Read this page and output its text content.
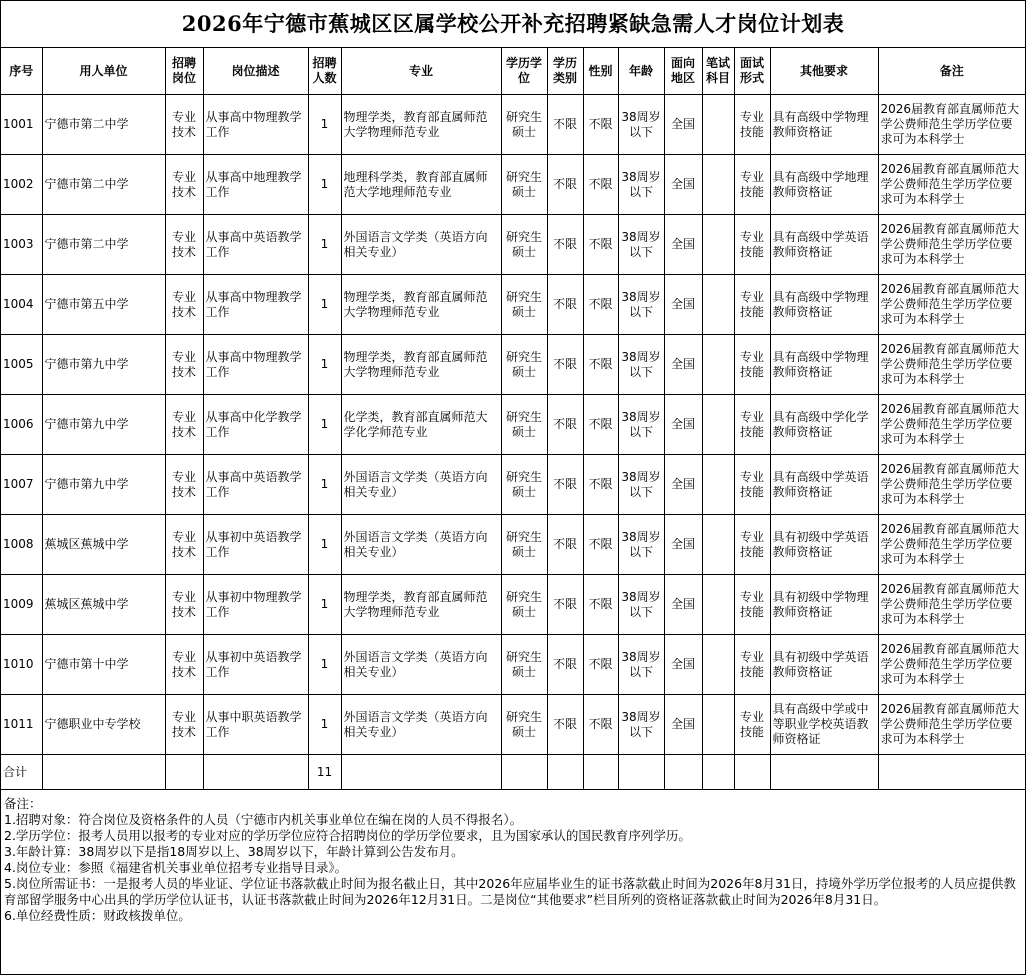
2026年宁德市蕉城区区属学校公开补充招聘紧缺急需人才岗位计划表
序号	用人单位	招聘岗位	岗位描述	招聘人数	专业	学历学位	学历类别	性别	年龄	面向地区	笔试科目	面试形式	其他要求	备注
1001	宁德市第二中学	专业技术	从事高中物理教学工作	1	物理学类，教育部直属师范大学物理师范专业	研究生硕士	不限	不限	38周岁以下	全国		专业技能	具有高级中学物理教师资格证	2026届教育部直属师范大学公费师范生学历学位要求可为本科学士
1002	宁德市第二中学	专业技术	从事高中地理教学工作	1	地理科学类，教育部直属师范大学地理师范专业	研究生硕士	不限	不限	38周岁以下	全国		专业技能	具有高级中学地理教师资格证	2026届教育部直属师范大学公费师范生学历学位要求可为本科学士
1003	宁德市第二中学	专业技术	从事高中英语教学工作	1	外国语言文学类（英语方向相关专业）	研究生硕士	不限	不限	38周岁以下	全国		专业技能	具有高级中学英语教师资格证	2026届教育部直属师范大学公费师范生学历学位要求可为本科学士
1004	宁德市第五中学	专业技术	从事高中物理教学工作	1	物理学类，教育部直属师范大学物理师范专业	研究生硕士	不限	不限	38周岁以下	全国		专业技能	具有高级中学物理教师资格证	2026届教育部直属师范大学公费师范生学历学位要求可为本科学士
1005	宁德市第九中学	专业技术	从事高中物理教学工作	1	物理学类，教育部直属师范大学物理师范专业	研究生硕士	不限	不限	38周岁以下	全国		专业技能	具有高级中学物理教师资格证	2026届教育部直属师范大学公费师范生学历学位要求可为本科学士
1006	宁德市第九中学	专业技术	从事高中化学教学工作	1	化学类，教育部直属师范大学化学师范专业	研究生硕士	不限	不限	38周岁以下	全国		专业技能	具有高级中学化学教师资格证	2026届教育部直属师范大学公费师范生学历学位要求可为本科学士
1007	宁德市第九中学	专业技术	从事高中英语教学工作	1	外国语言文学类（英语方向相关专业）	研究生硕士	不限	不限	38周岁以下	全国		专业技能	具有高级中学英语教师资格证	2026届教育部直属师范大学公费师范生学历学位要求可为本科学士
1008	蕉城区蕉城中学	专业技术	从事初中英语教学工作	1	外国语言文学类（英语方向相关专业）	研究生硕士	不限	不限	38周岁以下	全国		专业技能	具有初级中学英语教师资格证	2026届教育部直属师范大学公费师范生学历学位要求可为本科学士
1009	蕉城区蕉城中学	专业技术	从事初中物理教学工作	1	物理学类，教育部直属师范大学物理师范专业	研究生硕士	不限	不限	38周岁以下	全国		专业技能	具有初级中学物理教师资格证	2026届教育部直属师范大学公费师范生学历学位要求可为本科学士
1010	宁德市第十中学	专业技术	从事初中英语教学工作	1	外国语言文学类（英语方向相关专业）	研究生硕士	不限	不限	38周岁以下	全国		专业技能	具有初级中学英语教师资格证	2026届教育部直属师范大学公费师范生学历学位要求可为本科学士
1011	宁德职业中专学校	专业技术	从事中职英语教学工作	1	外国语言文学类（英语方向相关专业）	研究生硕士	不限	不限	38周岁以下	全国		专业技能	具有高级中学或中等职业学校英语教师资格证	2026届教育部直属师范大学公费师范生学历学位要求可为本科学士
合计				11										
备注：
1.招聘对象：符合岗位及资格条件的人员（宁德市内机关事业单位在编在岗的人员不得报名）。
2.学历学位：报考人员用以报考的专业对应的学历学位应符合招聘岗位的学历学位要求，且为国家承认的国民教育序列学历。
3.年龄计算：38周岁以下是指18周岁以上、38周岁以下，年龄计算到公告发布月。
4.岗位专业：参照《福建省机关事业单位招考专业指导目录》。
5.岗位所需证书：一是报考人员的毕业证、学位证书落款截止时间为报名截止日，其中2026年应届毕业生的证书落款截止时间为2026年8月31日，持境外学历学位报考的人员应提供教育部留学服务中心出具的学历学位认证书，认证书落款截止时间为2026年12月31日。二是岗位“其他要求”栏目所列的资格证落款截止时间为2026年8月31日。
6.单位经费性质：财政核拨单位。
